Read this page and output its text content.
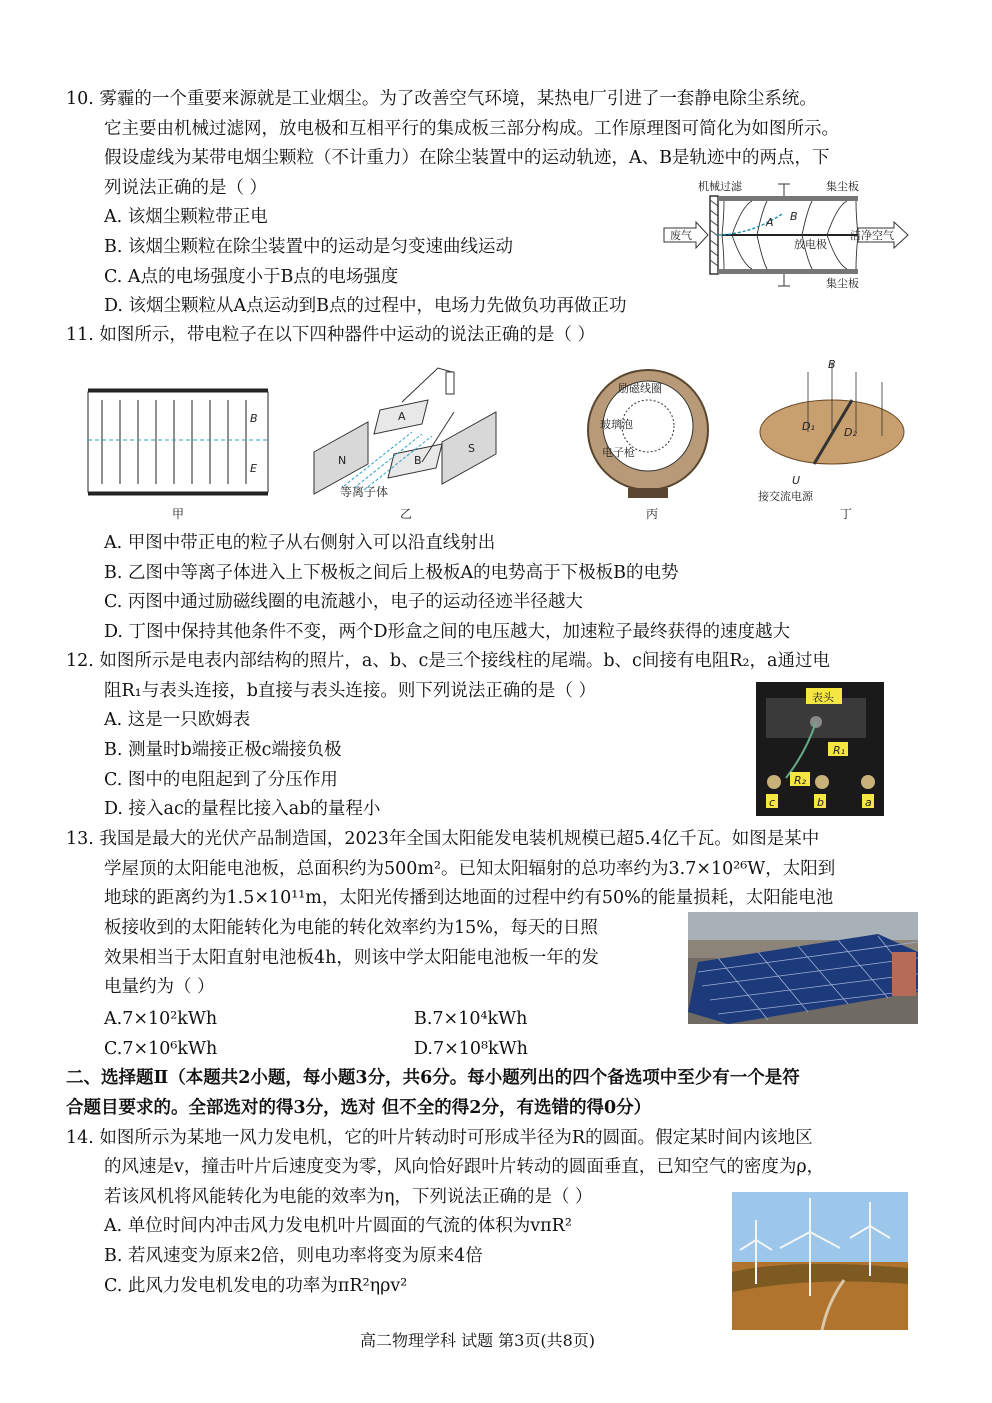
10. 雾霾的一个重要来源就是工业烟尘。为了改善空气环境，某热电厂引进了一套静电除尘系统。
它主要由机械过滤网，放电极和互相平行的集成板三部分构成。工作原理图可简化为如图所示。
假设虚线为某带电烟尘颗粒（不计重力）在除尘装置中的运动轨迹，A、B是轨迹中的两点，下
列说法正确的是（ ）
A. 该烟尘颗粒带正电
B. 该烟尘颗粒在除尘装置中的运动是匀变速曲线运动
C. A点的电场强度小于B点的电场强度
D. 该烟尘颗粒从A点运动到B点的过程中，电场力先做负功再做正功
机械过滤	集尘板
集尘板
A B
放电极
废气	洁净空气
11. 如图所示，带电粒子在以下四种器件中运动的说法正确的是（ ）
B
E
甲
N
S
A
B
等离子体
乙
励磁线圈
玻璃泡
电子枪
丙
B
D₁	D₂
U
接交流电源
丁
A. 甲图中带正电的粒子从右侧射入可以沿直线射出
B. 乙图中等离子体进入上下极板之间后上极板A的电势高于下极板B的电势
C. 丙图中通过励磁线圈的电流越小，电子的运动径迹半径越大
D. 丁图中保持其他条件不变，两个D形盒之间的电压越大，加速粒子最终获得的速度越大
12. 如图所示是电表内部结构的照片，a、b、c是三个接线柱的尾端。b、c间接有电阻R₂，a通过电
阻R₁与表头连接，b直接与表头连接。则下列说法正确的是（ ）
A. 这是一只欧姆表
B. 测量时b端接正极c端接负极
C. 图中的电阻起到了分压作用
D. 接入ac的量程比接入ab的量程小
表头
R₁
R₂
c	b	a
13. 我国是最大的光伏产品制造国，2023年全国太阳能发电装机规模已超5.4亿千瓦。如图是某中
学屋顶的太阳能电池板，总面积约为500m²。已知太阳辐射的总功率约为3.7×10²⁶W，太阳到
地球的距离约为1.5×10¹¹m，太阳光传播到达地面的过程中约有50%的能量损耗，太阳能电池
板接收到的太阳能转化为电能的转化效率约为15%，每天的日照
效果相当于太阳直射电池板4h，则该中学太阳能电池板一年的发
电量约为（ ）
A.7×10²kWh	B.7×10⁴kWh
C.7×10⁶kWh	D.7×10⁸kWh
二、选择题Ⅱ（本题共2小题，每小题3分，共6分。每小题列出的四个备选项中至少有一个是符
合题目要求的。全部选对的得3分，选对 但不全的得2分，有选错的得0分）
14. 如图所示为某地一风力发电机，它的叶片转动时可形成半径为R的圆面。假定某时间内该地区
的风速是v，撞击叶片后速度变为零，风向恰好跟叶片转动的圆面垂直，已知空气的密度为ρ，
若该风机将风能转化为电能的效率为η，下列说法正确的是（ ）
A. 单位时间内冲击风力发电机叶片圆面的气流的体积为vπR²
B. 若风速变为原来2倍，则电功率将变为原来4倍
C. 此风力发电机发电的功率为πR²ηρv²
高二物理学科 试题 第3页(共8页)
